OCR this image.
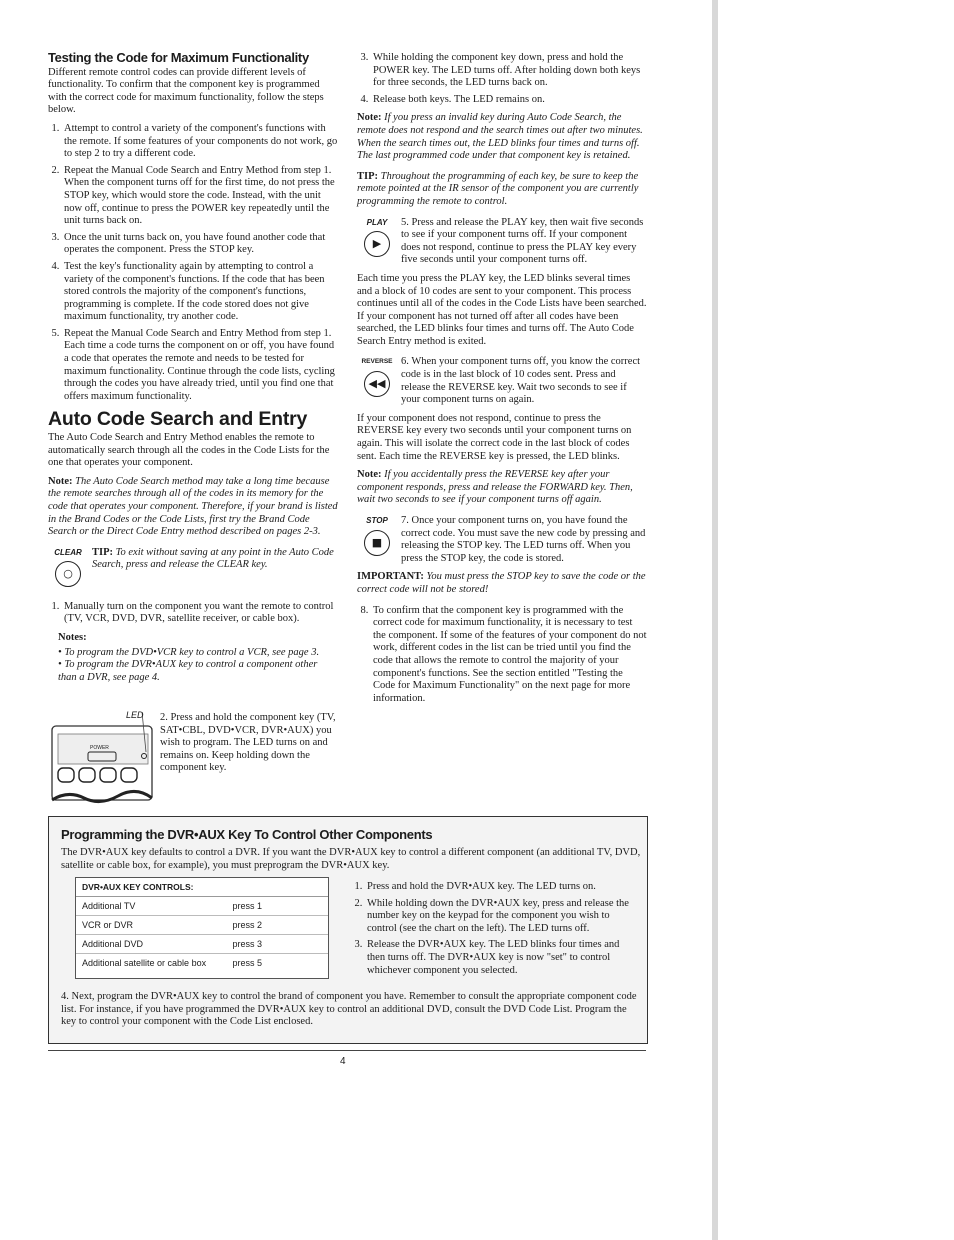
Testing the Code for Maximum Functionality

Different remote control codes can provide different levels of functionality. To confirm that the component key is programmed with the correct code for maximum functionality, follow the steps below.

1. Attempt to control a variety of the component's functions with the remote. If some features of your components do not work, go to step 2 to try a different code.
2. Repeat the Manual Code Search and Entry Method from step 1. When the component turns off for the first time, do not press the STOP key, which would store the code. Instead, with the unit now off, continue to press the POWER key repeatedly until the unit turns back on.
3. Once the unit turns back on, you have found another code that operates the component. Press the STOP key.
4. Test the key's functionality again by attempting to control a variety of the component's functions. If the code that has been stored controls the majority of the component's functions, programming is complete. If the code stored does not give maximum functionality, try another code.
5. Repeat the Manual Code Search and Entry Method from step 1. Each time a code turns the component on or off, you have found a code that operates the remote and needs to be tested for maximum functionality. Continue through the code lists, cycling through the codes you have already tried, until you find one that offers maximum functionality.
Auto Code Search and Entry

The Auto Code Search and Entry Method enables the remote to automatically search through all the codes in the Code Lists for the one that operates your component.

Note: The Auto Code Search method may take a long time because the remote searches through all of the codes in its memory for the code that operates your component. Therefore, if your brand is listed in the Brand Codes or the Code Lists, first try the Brand Code Search or the Direct Code Entry method described on pages 2-3.

CLEAR
○
TIP: To exit without saving at any point in the Auto Code Search, press and release the CLEAR key.
1. Manually turn on the component you want the remote to control (TV, VCR, DVD, DVR, satellite receiver, or cable box).
Notes:
• To program the DVD•VCR key to control a VCR, see page 3.
• To program the DVR•AUX key to control a component other than a DVR, see page 4.
LED
POWER
2. Press and hold the component key (TV, SAT•CBL, DVD•VCR, DVR•AUX) you wish to program. The LED turns on and remains on. Keep holding down the component key.
3. While holding the component key down, press and hold the POWER key. The LED turns off. After holding down both keys for three seconds, the LED turns back on.
4. Release both keys. The LED remains on.

Note: If you press an invalid key during Auto Code Search, the remote does not respond and the search times out after two minutes. When the search times out, the LED blinks four times and turns off. The last programmed code under that component key is retained.

TIP: Throughout the programming of each key, be sure to keep the remote pointed at the IR sensor of the component you are currently programming the remote to control.

PLAY
▶
5. Press and release the PLAY key, then wait five seconds to see if your component turns off. If your component does not respond, continue to press the PLAY key every five seconds until your component turns off.

Each time you press the PLAY key, the LED blinks several times and a block of 10 codes are sent to your component. This process continues until all of the codes in the Code Lists have been searched. If your component has not turned off after all codes have been searched, the LED blinks four times and turns off. The Auto Code Search Entry method is exited.

REVERSE
◀◀
6. When your component turns off, you know the correct code is in the last block of 10 codes sent. Press and release the REVERSE key. Wait two seconds to see if your component turns on again.

If your component does not respond, continue to press the REVERSE key every two seconds until your component turns on again. This will isolate the correct code in the last block of codes sent. Each time the REVERSE key is pressed, the LED blinks.

Note: If you accidentally press the REVERSE key after your component responds, press and release the FORWARD key. Then, wait two seconds to see if your component turns off again.

STOP
■
7. Once your component turns on, you have found the correct code. You must save the new code by pressing and releasing the STOP key. The LED turns off. When you press the STOP key, the code is stored.

IMPORTANT: You must press the STOP key to save the code or the correct code will not be stored!

8. To confirm that the component key is programmed with the correct code for maximum functionality, it is necessary to test the component. If some of the features of your component do not work, different codes in the list can be tried until you find the code that allows the remote to control the majority of your component's functions. See the section entitled "Testing the Code for Maximum Functionality" on the next page for more information.
Programming the DVR•AUX Key To Control Other Components
The DVR•AUX key defaults to control a DVR. If you want the DVR•AUX key to control a different component (an additional TV, DVD, satellite or cable box, for example), you must preprogram the DVR•AUX key.
DVR•AUX KEY CONTROLS:
Additional TV	press 1
VCR or DVR	press 2
Additional DVD	press 3
Additional satellite or cable box	press 5
1. Press and hold the DVR•AUX key. The LED turns on.
2. While holding down the DVR•AUX key, press and release the number key on the keypad for the component you wish to control (see the chart on the left). The LED turns off.
3. Release the DVR•AUX key. The LED blinks four times and then turns off. The DVR•AUX key is now "set" to control whichever component you selected.
4. Next, program the DVR•AUX key to control the brand of component you have. Remember to consult the appropriate component code list. For instance, if you have programmed the DVR•AUX key to control an additional DVD, consult the DVD Code List. Program the key to control your component with the Code List enclosed.
4
